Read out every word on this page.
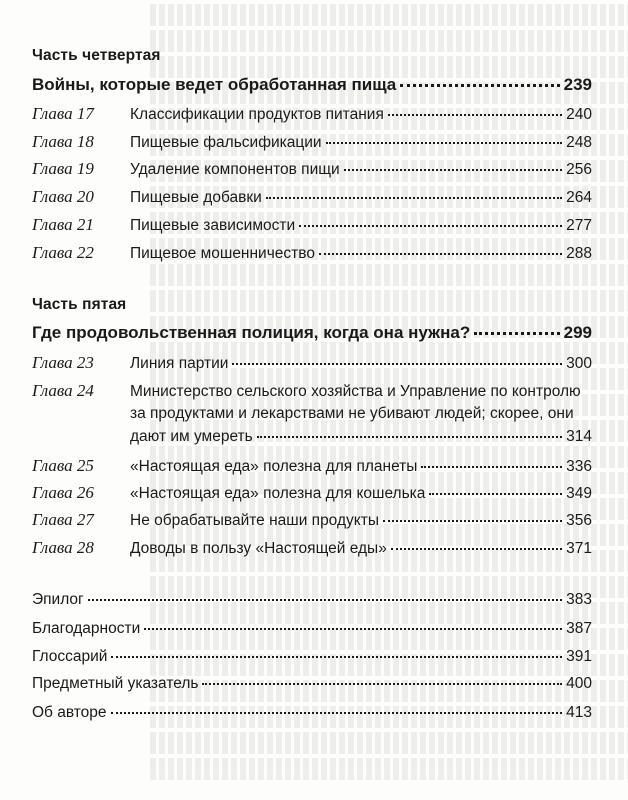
Часть четвертая
Войны, которые ведет обработанная пища	239
Глава 17	Классификации продуктов питания	240
Глава 18	Пищевые фальсификации	248
Глава 19	Удаление компонентов пищи	256
Глава 20	Пищевые добавки	264
Глава 21	Пищевые зависимости	277
Глава 22	Пищевое мошенничество	288
Часть пятая
Где продовольственная полиция, когда она нужна?	299
Глава 23	Линия партии	300
Глава 24	Министерство сельского хозяйства и Управление по контролю
за продуктами и лекарствами не убивают людей; скорее, они
дают им умереть	314
Глава 25	«Настоящая еда» полезна для планеты	336
Глава 26	«Настоящая еда» полезна для кошелька	349
Глава 27	Не обрабатывайте наши продукты	356
Глава 28	Доводы в пользу «Настоящей еды»	371
Эпилог	383
Благодарности	387
Глоссарий	391
Предметный указатель	400
Об авторе	413
